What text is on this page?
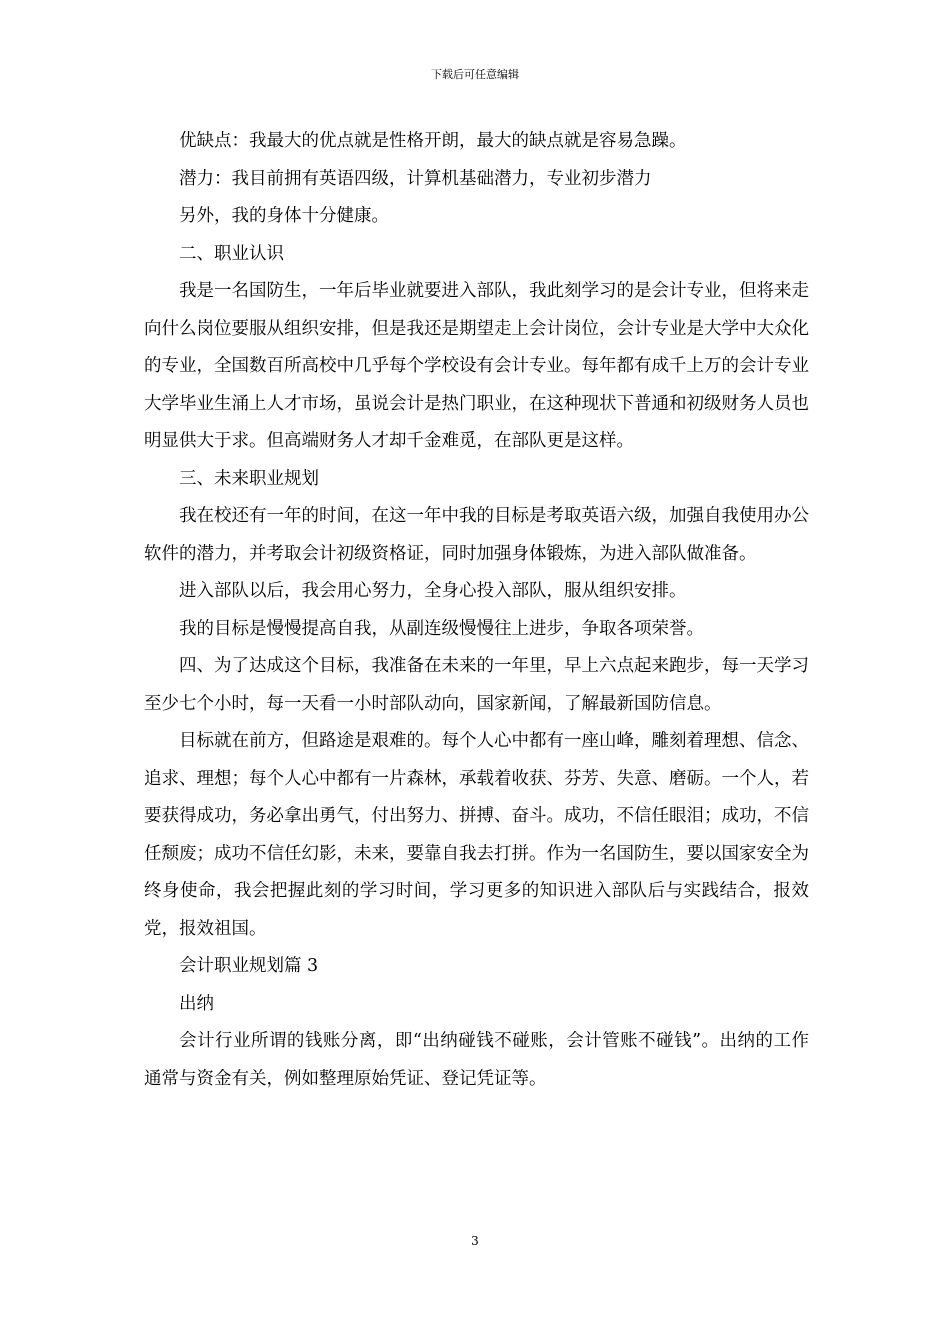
下载后可任意编辑

优缺点：我最大的优点就是性格开朗，最大的缺点就是容易急躁。

潜力：我目前拥有英语四级，计算机基础潜力，专业初步潜力

另外，我的身体十分健康。

二、职业认识

我是一名国防生，一年后毕业就要进入部队，我此刻学习的是会计专业，但将来走向什么岗位要服从组织安排，但是我还是期望走上会计岗位，会计专业是大学中大众化的专业，全国数百所高校中几乎每个学校设有会计专业。每年都有成千上万的会计专业大学毕业生涌上人才市场，虽说会计是热门职业，在这种现状下普通和初级财务人员也明显供大于求。但高端财务人才却千金难觅，在部队更是这样。

三、未来职业规划

我在校还有一年的时间，在这一年中我的目标是考取英语六级，加强自我使用办公软件的潜力，并考取会计初级资格证，同时加强身体锻炼，为进入部队做准备。

进入部队以后，我会用心努力，全身心投入部队，服从组织安排。

我的目标是慢慢提高自我，从副连级慢慢往上进步，争取各项荣誉。

四、为了达成这个目标，我准备在未来的一年里，早上六点起来跑步，每一天学习至少七个小时，每一天看一小时部队动向，国家新闻，了解最新国防信息。

目标就在前方，但路途是艰难的。每个人心中都有一座山峰，雕刻着理想、信念、追求、理想；每个人心中都有一片森林，承载着收获、芬芳、失意、磨砺。一个人，若要获得成功，务必拿出勇气，付出努力、拼搏、奋斗。成功，不信任眼泪；成功，不信任颓废；成功不信任幻影，未来，要靠自我去打拼。作为一名国防生，要以国家安全为终身使命，我会把握此刻的学习时间，学习更多的知识进入部队后与实践结合，报效党，报效祖国。

会计职业规划篇 3

出纳

会计行业所谓的钱账分离，即“出纳碰钱不碰账，会计管账不碰钱”。出纳的工作通常与资金有关，例如整理原始凭证、登记凭证等。

3
